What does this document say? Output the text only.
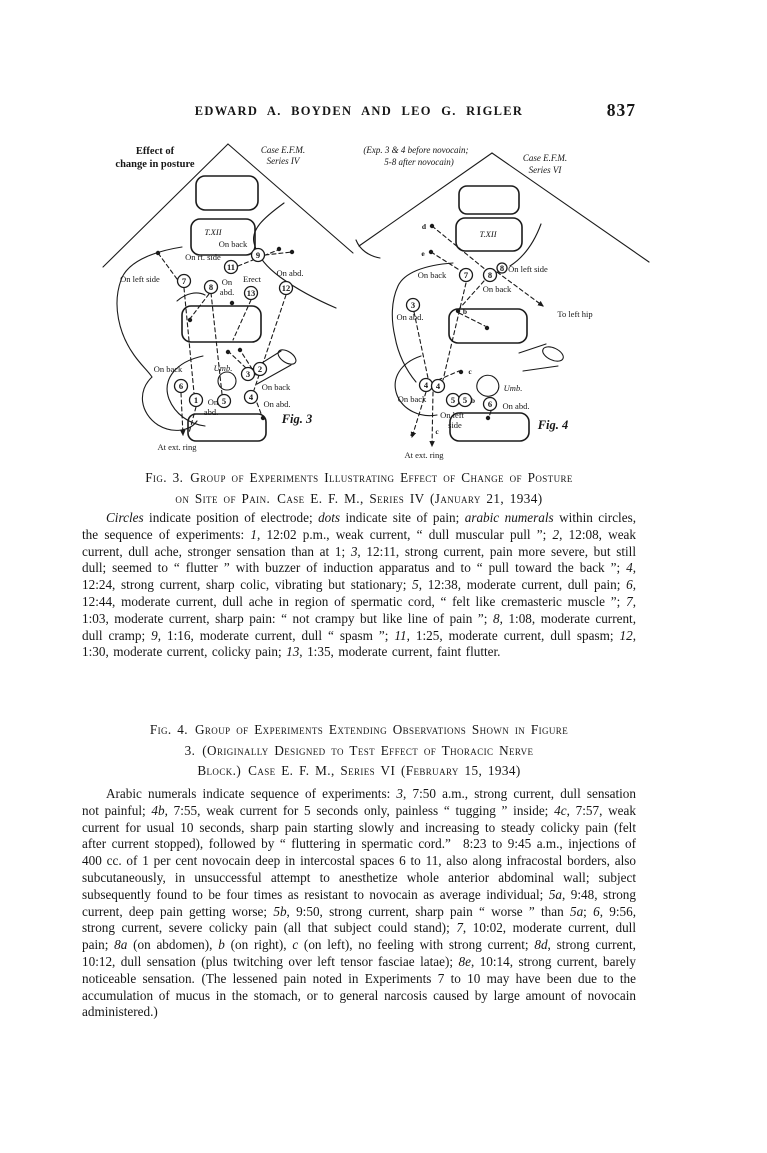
EDWARD A. BOYDEN AND LEO G. RIGLER	837
9
11
7
8
13	12
6
3 2
1	5	4
Effect of
change in posture
Case E.F.M.
Series IV
T.XII
On back
On rt. side
On left side	On
abd.
Erect
On abd.
On back	Umb.
On back
On
abd.
On abd.
Fig. 3
At ext. ring
7 8
8
3
4 4
5 5 6
(Exp. 3 & 4 before novocain;
5-8 after novocain)	Case E.F.M.
Series VI
d
e
T.XII
On back
On left side
On back
On abd.
b	To left hip
c
On back
Umb.
b
On abd.
On left
side
a	c
At ext. ring
Fig. 4
Fig. 3. Group of Experiments Illustrating Effect of Change of Posture
on Site of Pain. Case E. F. M., Series IV (January 21, 1934)

Circles indicate position of electrode; dots indicate site of pain; arabic numerals within circles, the sequence of experiments: 1, 12:02 p.m., weak current, “ dull muscular pull ”; 2, 12:08, weak current, dull ache, stronger sensation than at 1; 3, 12:11, strong current, pain more severe, but still dull; seemed to “ flutter ” with buzzer of induction apparatus and to “ pull toward the back ”; 4, 12:24, strong current, sharp colic, vibrating but stationary; 5, 12:38, moderate current, dull pain; 6, 12:44, moderate current, dull ache in region of spermatic cord, “ felt like cremasteric muscle ”; 7, 1:03, moderate current, sharp pain: “ not crampy but like line of pain ”; 8, 1:08, moderate current, dull cramp; 9, 1:16, moderate current, dull “ spasm ”; 11, 1:25, moderate current, dull spasm; 12, 1:30, moderate current, colicky pain; 13, 1:35, moderate current, faint flutter.

Fig. 4. Group of Experiments Extending Observations Shown in Figure
3. (Originally Designed to Test Effect of Thoracic Nerve
Block.) Case E. F. M., Series VI (February 15, 1934)

Arabic numerals indicate sequence of experiments: 3, 7:50 a.m., strong current, dull sensation not painful; 4b, 7:55, weak current for 5 seconds only, painless “ tugging ” inside; 4c, 7:57, weak current for usual 10 seconds, sharp pain starting slowly and increasing to steady colicky pain (felt after current stopped), followed by “ fluttering in spermatic cord.”  8:23 to 9:45 a.m., injections of 400 cc. of 1 per cent novocain deep in intercostal spaces 6 to 11, also along infracostal borders, also subcutaneously, in unsuccessful attempt to anesthetize whole anterior abdominal wall; subject subsequently found to be four times as resistant to novocain as average individual; 5a, 9:48, strong current, deep pain getting worse; 5b, 9:50, strong current, sharp pain “ worse ” than 5a; 6, 9:56, strong current, severe colicky pain (all that subject could stand); 7, 10:02, moderate current, dull pain; 8a (on abdomen), b (on right), c (on left), no feeling with strong current; 8d, strong current, 10:12, dull sensation (plus twitching over left tensor fasciae latae); 8e, 10:14, strong current, barely noticeable sensation. (The lessened pain noted in Experiments 7 to 10 may have been due to the accumulation of mucus in the stomach, or to general narcosis caused by large amount of novocain administered.)
